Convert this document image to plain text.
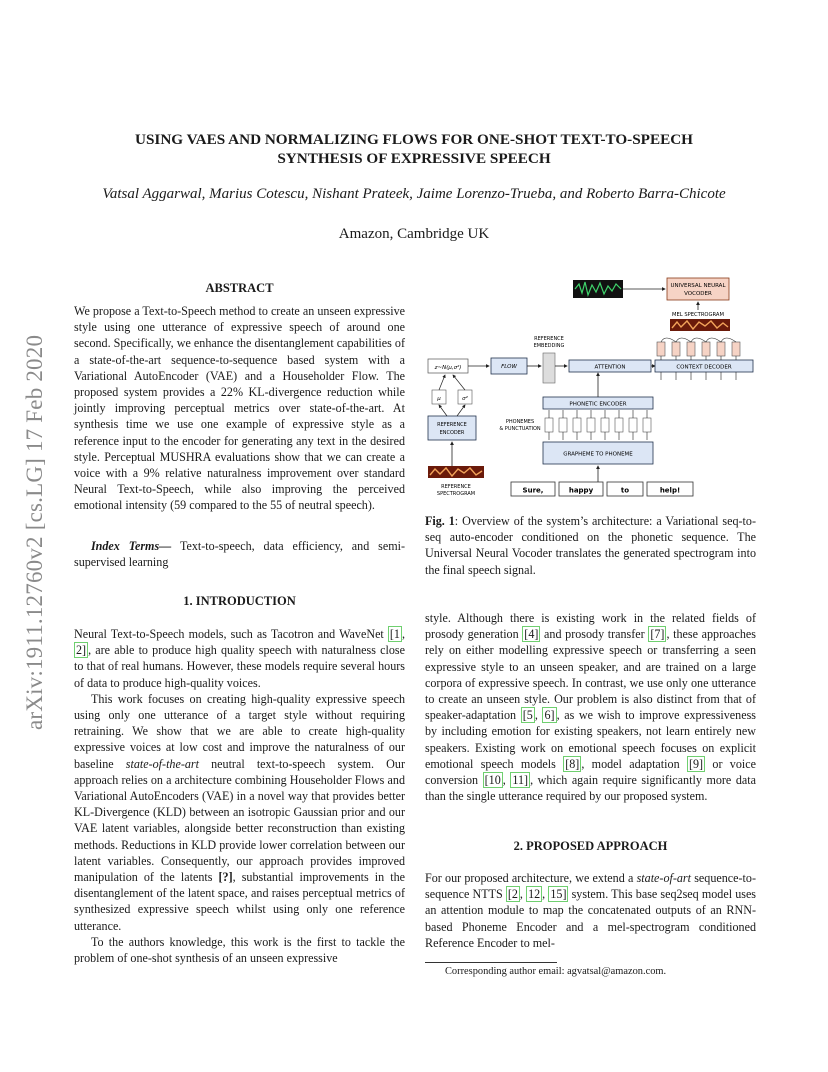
USING VAES AND NORMALIZING FLOWS FOR ONE-SHOT TEXT-TO-SPEECH
SYNTHESIS OF EXPRESSIVE SPEECH
Vatsal Aggarwal, Marius Cotescu, Nishant Prateek, Jaime Lorenzo-Trueba, and Roberto Barra-Chicote
Amazon, Cambridge UK
arXiv:1911.12760v2 [cs.LG] 17 Feb 2020
ABSTRACT

We propose a Text-to-Speech method to create an unseen expressive style using one utterance of expressive speech of around one second. Specifically, we enhance the disentanglement capabilities of a state-of-the-art sequence-to-sequence based system with a Variational AutoEncoder (VAE) and a Householder Flow. The proposed system provides a 22% KL-divergence reduction while jointly improving perceptual metrics over state-of-the-art. At synthesis time we use one example of expressive style as a reference input to the encoder for generating any text in the desired style. Perceptual MUSHRA evaluations show that we can create a voice with a 9% relative naturalness improvement over standard Neural Text-to-Speech, while also improving the perceived emotional intensity (59 compared to the 55 of neutral speech).

Index Terms— Text-to-speech, data efficiency, and semi-supervised learning

1. INTRODUCTION

Neural Text-to-Speech models, such as Tacotron and WaveNet [1 , 2] , are able to produce high quality speech with naturalness close to that of real humans. However, these models require several hours of data to produce high-quality voices.

This work focuses on creating high-quality expressive speech using only one utterance of a target style without requiring retraining. We show that we are able to create high-quality expressive voices at low cost and improve the naturalness of our baseline state-of-the-art neutral text-to-speech system. Our approach relies on a architecture combining Householder Flows and Variational AutoEncoders (VAE) in a novel way that provides better KL-Divergence (KLD) between an isotropic Gaussian prior and our VAE latent variables, alongside better reconstruction than existing methods. Reductions in KLD provide lower correlation between our latent variables. Consequently, our approach provides improved manipulation of the latents [?], substantial improvements in the disentanglement of the latent space, and raises perceptual metrics of synthesized expressive speech whilst using only one reference utterance.

To the authors knowledge, this work is the first to tackle the problem of one-shot synthesis of an unseen expressive

UNIVERSAL NEURAL
VOCODER
MEL SPECTROGRAM
REFERENCE
EMBEDDING
z~N(μ,σ²)	FLOW	ATTENTION	CONTEXT DECODER
μ	σ²
REFERENCE
ENCODER
PHONETIC ENCODER
PHONEMES
& PUNCTUATION
GRAPHEME TO PHONEME
REFERENCE
SPECTROGRAM	Sure,	happy	to	help!

Fig. 1: Overview of the system’s architecture: a Variational seq-to-seq auto-encoder conditioned on the phonetic sequence. The Universal Neural Vocoder translates the generated spectrogram into the final speech signal.

style. Although there is existing work in the related fields of prosody generation [4] and prosody transfer [7] , these approaches rely on either modelling expressive speech or transferring a seen expressive style to an unseen speaker, and are trained on a large corpora of expressive speech. In contrast, we use only one utterance to create an unseen style. Our problem is also distinct from that of speaker-adaptation [5 , 6] , as we wish to improve expressiveness by including emotion for existing speakers, not learn entirely new speakers. Existing work on emotional speech focuses on explicit emotional speech models [8] , model adaptation [9] or voice conversion [10 , 11] , which again require significantly more data than the single utterance required by our proposed system.

2. PROPOSED APPROACH

For our proposed architecture, we extend a state-of-art sequence-to-sequence NTTS [2 , 12 , 15] system. This base seq2seq model uses an attention module to map the concatenated outputs of an RNN-based Phoneme Encoder and a mel-spectrogram conditioned Reference Encoder to mel-

Corresponding author email: agvatsal@amazon.com.
